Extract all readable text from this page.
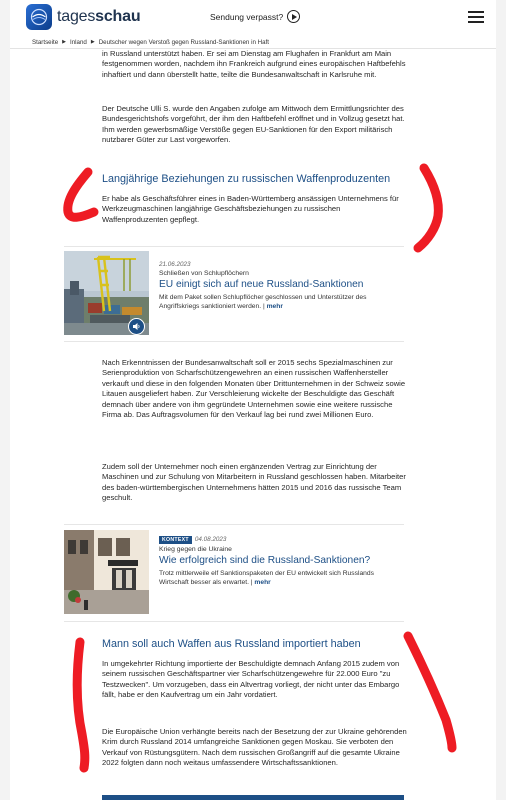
tagesschau	Sendung verpasst?
Startseite ▶ Inland ▶ Deutscher wegen Verstoß gegen Russland-Sanktionen in Haft

in Russland unterstützt haben. Er sei am Dienstag am Flughafen in Frankfurt am Main festgenommen worden, nachdem ihn Frankreich aufgrund eines europäischen Haftbefehls inhaftiert und dann überstellt hatte, teilte die Bundesanwaltschaft in Karlsruhe mit.

Der Deutsche Ulli S. wurde den Angaben zufolge am Mittwoch dem Ermittlungsrichter des Bundesgerichtshofs vorgeführt, der ihm den Haftbefehl eröffnet und in Vollzug gesetzt hat. Ihm werden gewerbsmäßige Verstöße gegen EU-Sanktionen für den Export militärisch nutzbarer Güter zur Last vorgeworfen.

Langjährige Beziehungen zu russischen Waffenproduzenten

Er habe als Geschäftsführer eines in Baden-Württemberg ansässigen Unternehmens für Werkzeugmaschinen langjährige Geschäftsbeziehungen zu russischen Waffenproduzenten gepflegt.

21.06.2023
Schließen von Schlupflöchern
EU einigt sich auf neue Russland-Sanktionen
Mit dem Paket sollen Schlupflöcher geschlossen und Unterstützer des Angriffskriegs sanktioniert werden. | mehr

Nach Erkenntnissen der Bundesanwaltschaft soll er 2015 sechs Spezialmaschinen zur Serienproduktion von Scharfschützengewehren an einen russischen Waffenhersteller verkauft und diese in den folgenden Monaten über Drittunternehmen in der Schweiz sowie Litauen ausgeliefert haben. Zur Verschleierung wickelte der Beschuldigte das Geschäft demnach über andere von ihm gegründete Unternehmen sowie eine weitere russische Firma ab. Das Auftragsvolumen für den Verkauf lag bei rund zwei Millionen Euro.

Zudem soll der Unternehmer noch einen ergänzenden Vertrag zur Einrichtung der Maschinen und zur Schulung von Mitarbeitern in Russland geschlossen haben. Mitarbeiter des baden-württembergischen Unternehmens hätten 2015 und 2016 das russische Team geschult.

KONTEXT 04.08.2023
Krieg gegen die Ukraine
Wie erfolgreich sind die Russland-Sanktionen?
Trotz mittlerweile elf Sanktionspaketen der EU entwickelt sich Russlands Wirtschaft besser als erwartet. | mehr
Mann soll auch Waffen aus Russland importiert haben

In umgekehrter Richtung importierte der Beschuldigte demnach Anfang 2015 zudem von seinem russischen Geschäftspartner vier Scharfschützengewehre für 22.000 Euro "zu Testzwecken". Um vorzugeben, dass ein Altvertrag vorliegt, der nicht unter das Embargo fällt, habe er den Kaufvertrag um ein Jahr vordatiert.

Die Europäische Union verhängte bereits nach der Besetzung der zur Ukraine gehörenden Krim durch Russland 2014 umfangreiche Sanktionen gegen Moskau. Sie verboten den Verkauf von Rüstungsgütern. Nach dem russischen Großangriff auf die gesamte Ukraine 2022 folgten dann noch weitaus umfassendere Wirtschaftssanktionen.
